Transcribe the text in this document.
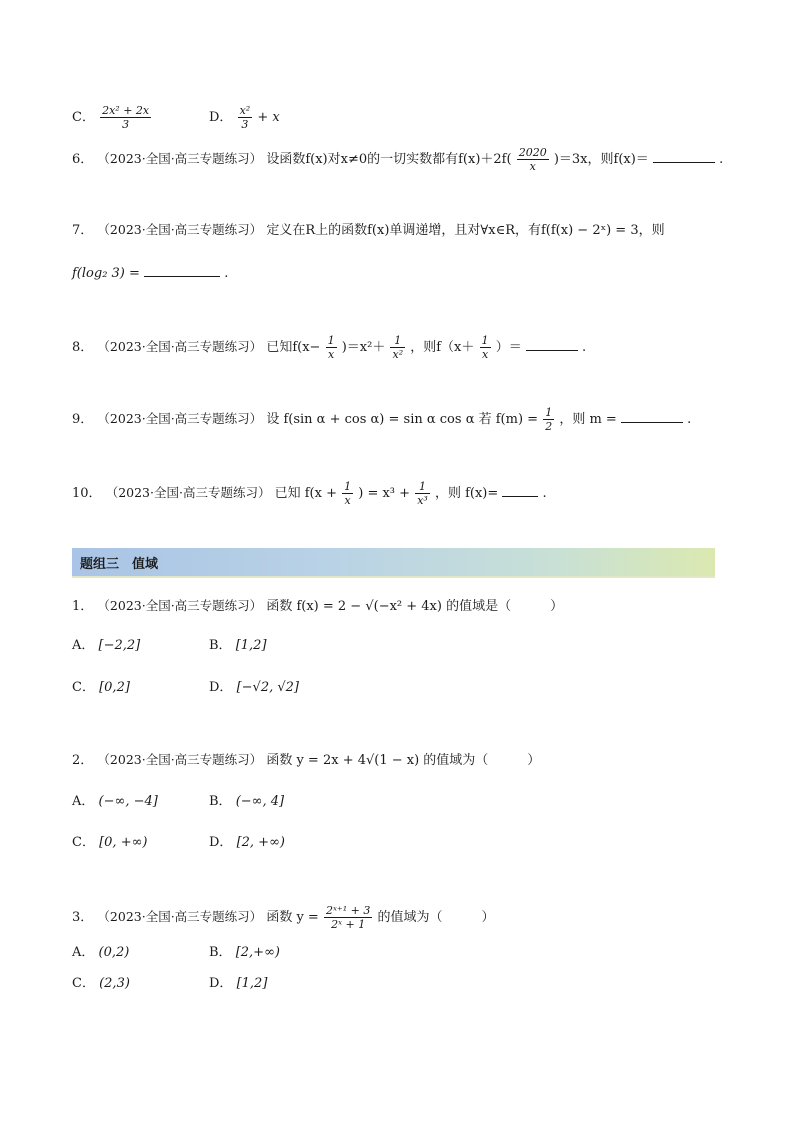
C． $\frac{\text{2x² + 2x}}{3}$	D． $\frac{\text{x²}}{3} + x$
6． （2023·全国·高三专题练习） 设函数f(x)对x≠0的一切实数都有$f(x)+2f( \frac{2020}{x} )=3x$，则f(x)＝	.
7． （2023·全国·高三专题练习） 定义在R上的函数f(x)单调递增，且对∀x∈R，有f(f(x) − 2ˣ) = 3，则
f(log₂ 3) =	.
8． （2023·全国·高三专题练习） 已知$f(x- \frac{1}{x} )=x^2+ \frac{1}{\text{x²}}$ ，则$f(x+ \frac{1}{x}$ ）＝	.
9． （2023·全国·高三专题练习） 设 f(sin α + cos α) = sin α cos α 若 $f(m) = \frac{1}{2}$ ，则 m =	.
10． （2023·全国·高三专题练习） 已知 $f(x + \frac{1}{x}$ ) = $x^3 + \frac{1}{\text{x³}}$ ，则 f(x)=	.
题组三　值域
1． （2023·全国·高三专题练习） 函数 f(x) = 2 − √(−x² + 4x) 的值域是（　　　）
A． [−2,2]	B． [1,2]
C． [0,2]	D． [−√2, √2]
2． （2023·全国·高三专题练习） 函数 y = 2x + 4√(1 − x) 的值域为（　　　）
A． (−∞, −4]	B． (−∞, 4]
C． [0, +∞)	D． [2, +∞)
3． （2023·全国·高三专题练习） 函数 $y = \frac{\text{2ˣ⁺¹ + 3}}{\text{2ˣ + 1}}$ 的值域为（　　　）
A． (0,2)	B． [2,+∞)
C． (2,3)	D． [1,2]
